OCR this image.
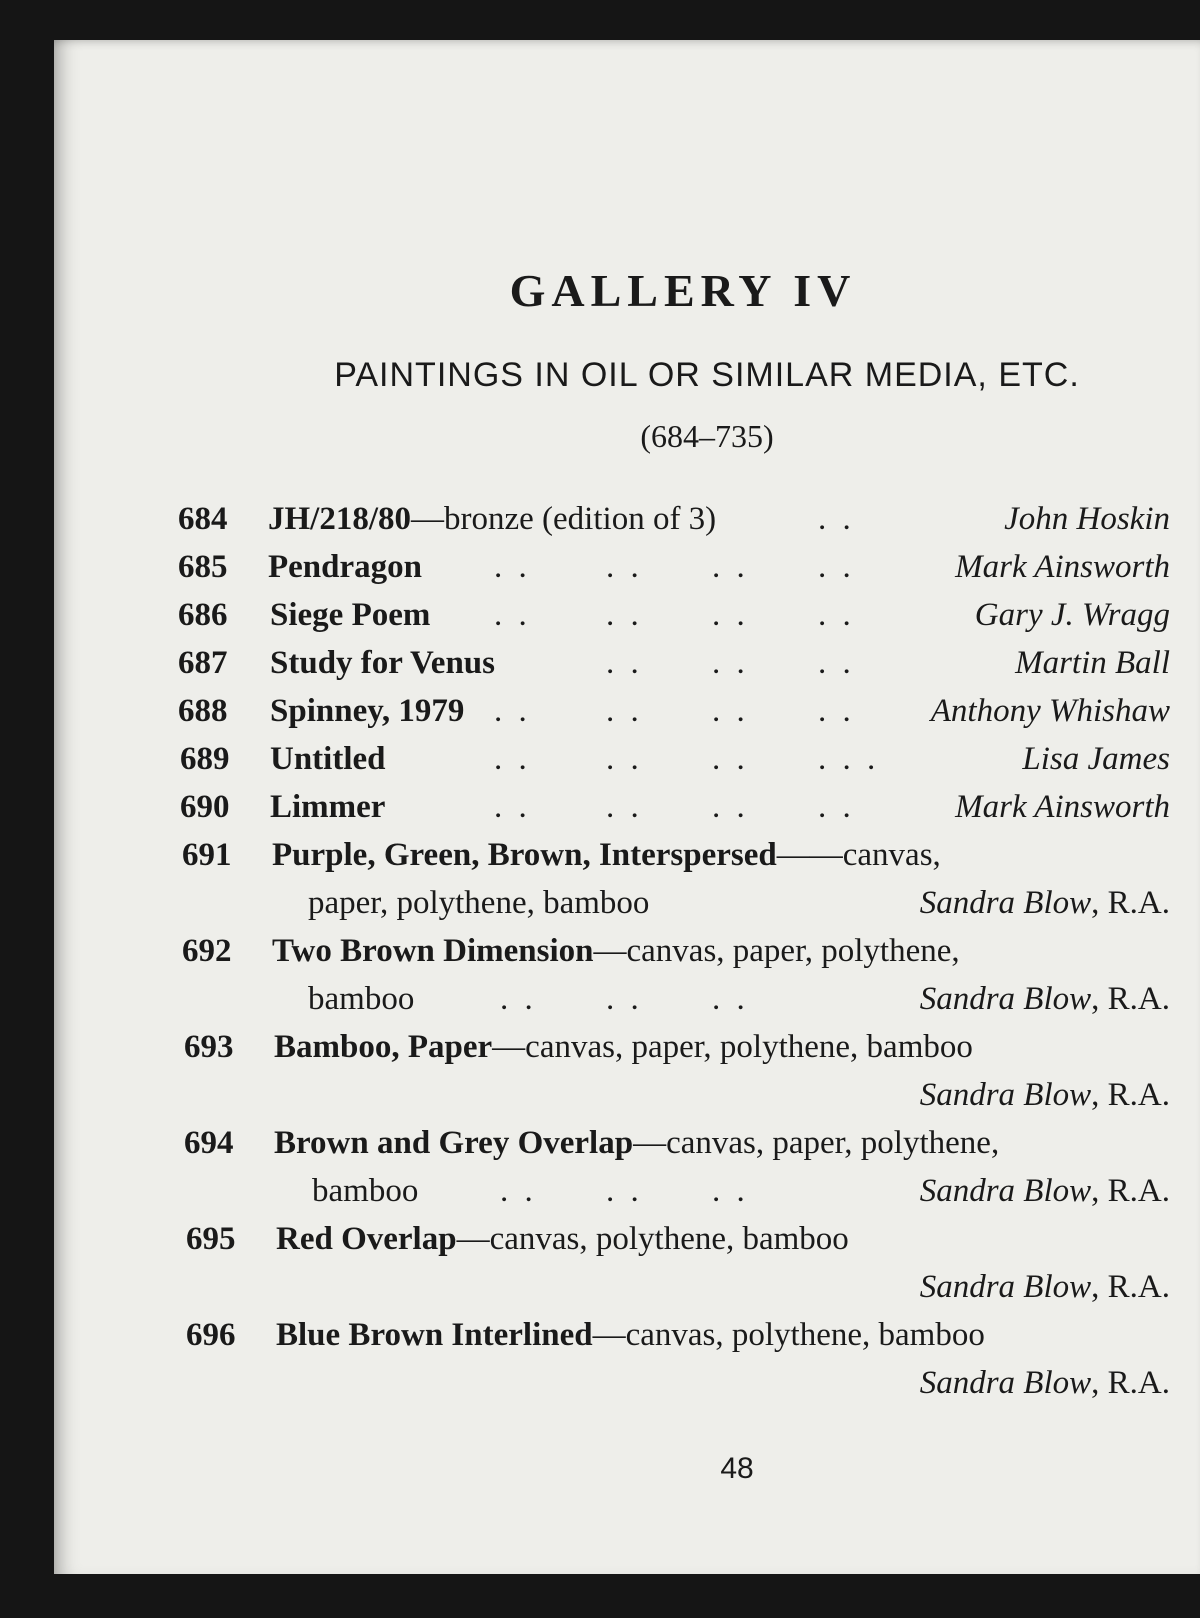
GALLERY IV
PAINTINGS IN OIL OR SIMILAR MEDIA, ETC.
(684–735)
684 JH/218/80—bronze (edition of 3)	. .	John Hoskin
685 Pendragon . . . . . . . .	Mark Ainsworth
686 Siege Poem . . . . . . . .	Gary J. Wragg
687 Study for Venus	. . . . . .	Martin Ball
688 Spinney, 1979 . . . . . . . . Anthony Whishaw
689 Untitled	. . . . . . . . .	Lisa James
690 Limmer	. . . . . . . .	Mark Ainsworth
691 Purple, Green, Brown, Interspersed——canvas,
paper, polythene, bamboo	Sandra Blow, R.A.
692 Two Brown Dimension—canvas, paper, polythene,
bamboo	. . . . . .	Sandra Blow, R.A.
693 Bamboo, Paper—canvas, paper, polythene, bamboo
Sandra Blow, R.A.
694 Brown and Grey Overlap—canvas, paper, polythene,
bamboo . . . . . .	Sandra Blow, R.A.
695 Red Overlap—canvas, polythene, bamboo
Sandra Blow, R.A.
696 Blue Brown Interlined—canvas, polythene, bamboo
Sandra Blow, R.A.
48
